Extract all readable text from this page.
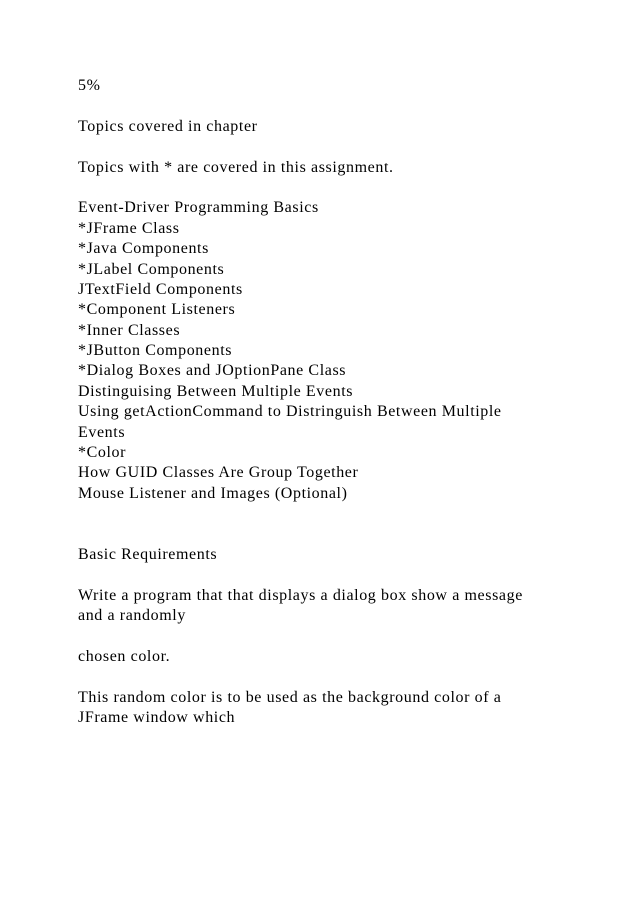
5%
Topics covered in chapter
Topics with * are covered in this assignment.
Event-Driver Programming Basics
*JFrame Class
*Java Components
*JLabel Components
JTextField Components
*Component Listeners
*Inner Classes
*JButton Components
*Dialog Boxes and JOptionPane Class
Distinguising Between Multiple Events
Using getActionCommand to Distringuish Between Multiple
Events
*Color
How GUID Classes Are Group Together
Mouse Listener and Images (Optional)
Basic Requirements
Write a program that that displays a dialog box show a message
and a randomly
chosen color.
This random color is to be used as the background color of a
JFrame window which
